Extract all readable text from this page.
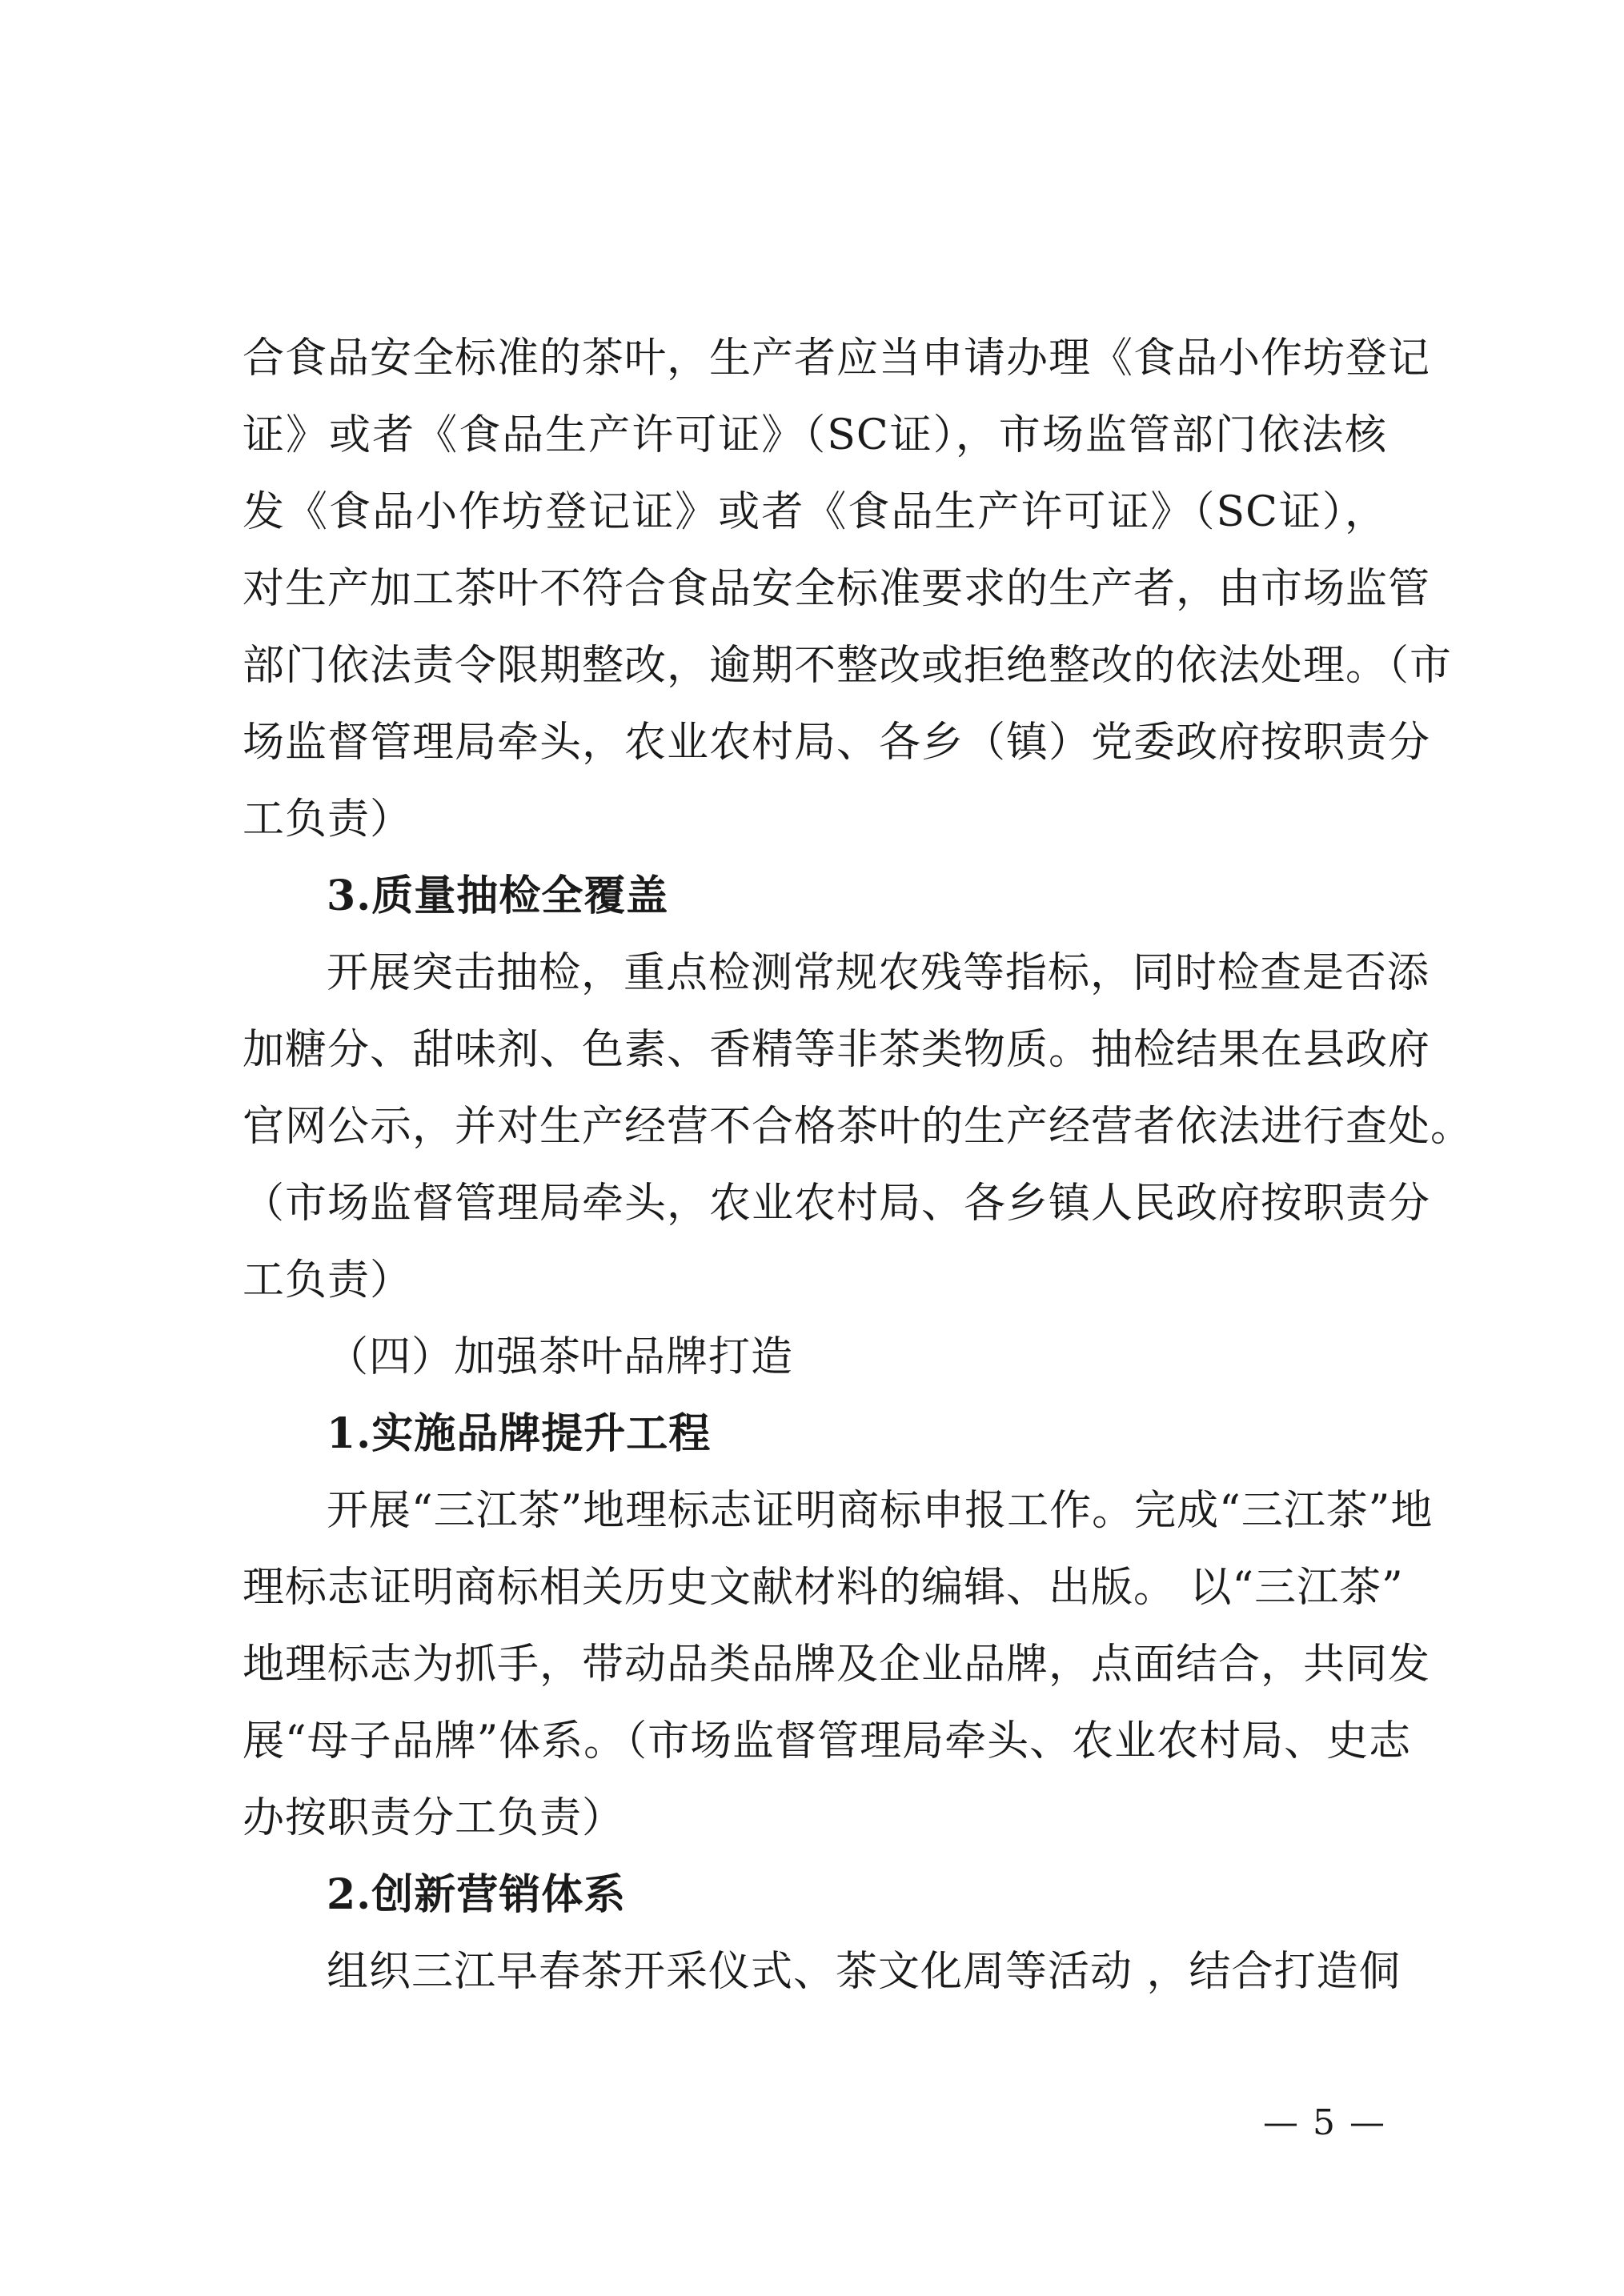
合食品安全标准的茶叶，生产者应当申请办理《食品小作坊登记
证》或者《食品生产许可证》（SC证），市场监管部门依法核
发《食品小作坊登记证》或者《食品生产许可证》（SC证），
对生产加工茶叶不符合食品安全标准要求的生产者，由市场监管
部门依法责令限期整改，逾期不整改或拒绝整改的依法处理。（市
场监督管理局牵头，农业农村局、各乡（镇）党委政府按职责分
工负责）
3.质量抽检全覆盖
开展突击抽检，重点检测常规农残等指标，同时检查是否添
加糖分、甜味剂、色素、香精等非茶类物质。抽检结果在县政府
官网公示，并对生产经营不合格茶叶的生产经营者依法进行查处。
（市场监督管理局牵头，农业农村局、各乡镇人民政府按职责分
工负责）
（四）加强茶叶品牌打造
1.实施品牌提升工程
开展“三江茶”地理标志证明商标申报工作。完成“三江茶”地
理标志证明商标相关历史文献材料的编辑、出版。 以“三江茶”
地理标志为抓手，带动品类品牌及企业品牌，点面结合，共同发
展“母子品牌”体系。（市场监督管理局牵头、农业农村局、史志
办按职责分工负责）
2.创新营销体系
组织三江早春茶开采仪式、茶文化周等活动 ，结合打造侗
— 5 —
